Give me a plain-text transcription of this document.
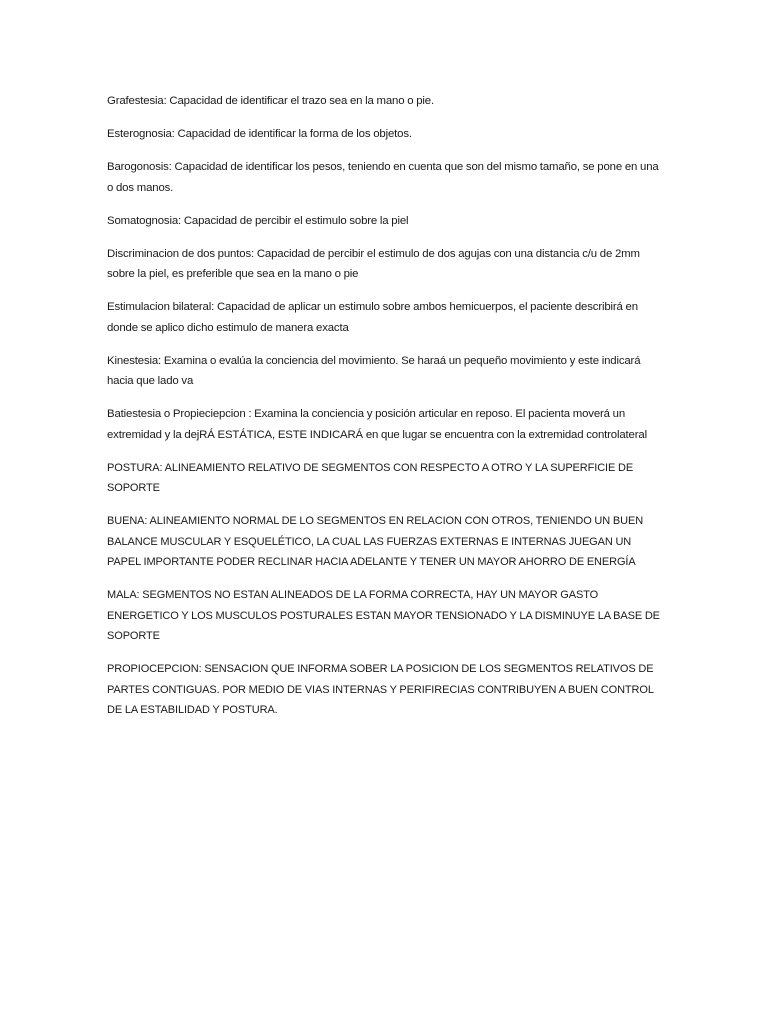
Grafestesia: Capacidad de identificar el trazo sea en la mano o pie.

Esterognosia: Capacidad de identificar la forma de los objetos.

Barogonosis: Capacidad de identificar los pesos, teniendo en cuenta que son del mismo tamaño, se pone en una o dos manos.

Somatognosia: Capacidad de percibir el estimulo sobre la piel

Discriminacion de dos puntos: Capacidad de percibir el estimulo de dos agujas con una distancia c/u de 2mm sobre la piel, es preferible que sea en la mano o pie

Estimulacion bilateral: Capacidad de aplicar un estimulo sobre ambos hemicuerpos, el paciente describirá en donde se aplico dicho estimulo de manera exacta

Kinestesia: Examina o evalúa la conciencia del movimiento. Se haraá un pequeño movimiento y este indicará hacia que lado va

Batiestesia o Propieciepcion : Examina la conciencia y posición articular en reposo. El pacienta moverá un extremidad y la dejRÁ ESTÁTICA, ESTE INDICARÁ en que lugar se encuentra con la extremidad controlateral

POSTURA: ALINEAMIENTO RELATIVO DE SEGMENTOS CON RESPECTO A OTRO Y LA SUPERFICIE DE SOPORTE

BUENA: ALINEAMIENTO NORMAL DE LO SEGMENTOS EN RELACION CON OTROS, TENIENDO UN BUEN BALANCE MUSCULAR Y ESQUELÉTICO, LA CUAL LAS FUERZAS EXTERNAS E INTERNAS JUEGAN UN PAPEL IMPORTANTE PODER RECLINAR HACIA ADELANTE Y TENER UN MAYOR AHORRO DE ENERGÍA

MALA: SEGMENTOS NO ESTAN ALINEADOS DE LA FORMA CORRECTA, HAY UN MAYOR GASTO ENERGETICO Y LOS MUSCULOS POSTURALES ESTAN MAYOR TENSIONADO Y LA DISMINUYE LA BASE DE SOPORTE

PROPIOCEPCION: SENSACION QUE INFORMA SOBER LA POSICION DE LOS SEGMENTOS RELATIVOS DE PARTES CONTIGUAS. POR MEDIO DE VIAS INTERNAS Y PERIFIRECIAS CONTRIBUYEN A BUEN CONTROL DE LA ESTABILIDAD Y POSTURA.
